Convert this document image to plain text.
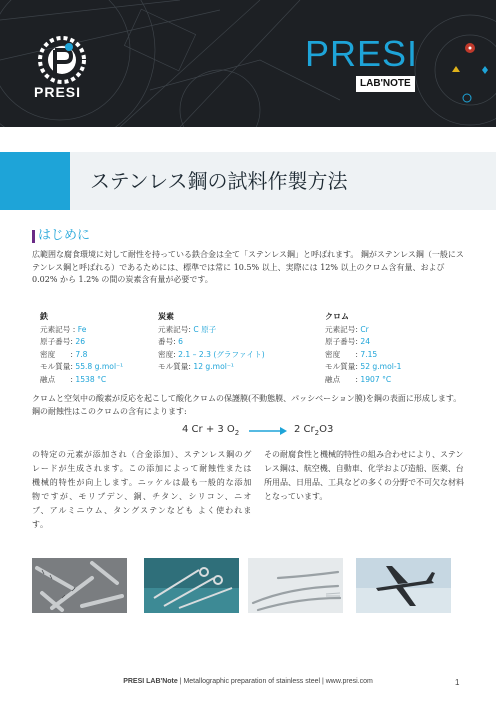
PRESI
PRESI
LAB'NOTE
ステンレス鋼の試料作製方法
はじめに

広範囲な腐食環境に対して耐性を持っている鉄合金は全て「ステンレス鋼」と呼ばれます。 鋼がステンレス鋼（一般にステンレス鋼と呼ばれる）であるためには、標準では常に 10.5% 以上、実際には 12% 以上のクロム含有量、および 0.02% から 1.2% の間の炭素含有量が必要です。

鉄
元素記号 : Fe
原子番号: 26
密度　　: 7.8
モル質量: 55.8 g.mol⁻¹
融点　　: 1538 °C
炭素
元素記号: C 原子
番号: 6
密度: 2.1 – 2.3 (グラファイト)
モル質量: 12 g.mol⁻¹
クロム
元素記号: Cr
原子番号: 24
密度　　: 7.15
モル質量: 52 g.mol-1
融点　　: 1907 °C

クロムと空気中の酸素が反応を起こして酸化クロムの保護膜(不動態膜、パッシベーション膜)を鋼の表面に形成します。鋼の耐蝕性はこのクロムの含有によります:

4 Cr + 3 $O_2$	2 $Cr_2O3$

の特定の元素が添加され（合金添加）、ステンレス鋼のグレードが生成されます。この添加によって耐蝕性または機械的特性が向上します。ニッケルは最も一般的な添加物ですが、モリブデン、銅、チタン、シリコン、ニオブ、アルミニウム、タングステンなども よく使われます。

その耐腐食性と機械的特性の組み合わせにより、ステンレス鋼は、航空機、自動車、化学および造船、医薬、台所用品、日用品、工具などの多くの分野で不可欠な材料となっています。

PRESI LAB'Note | Metallographic preparation of stainless steel | www.presi.com	1
